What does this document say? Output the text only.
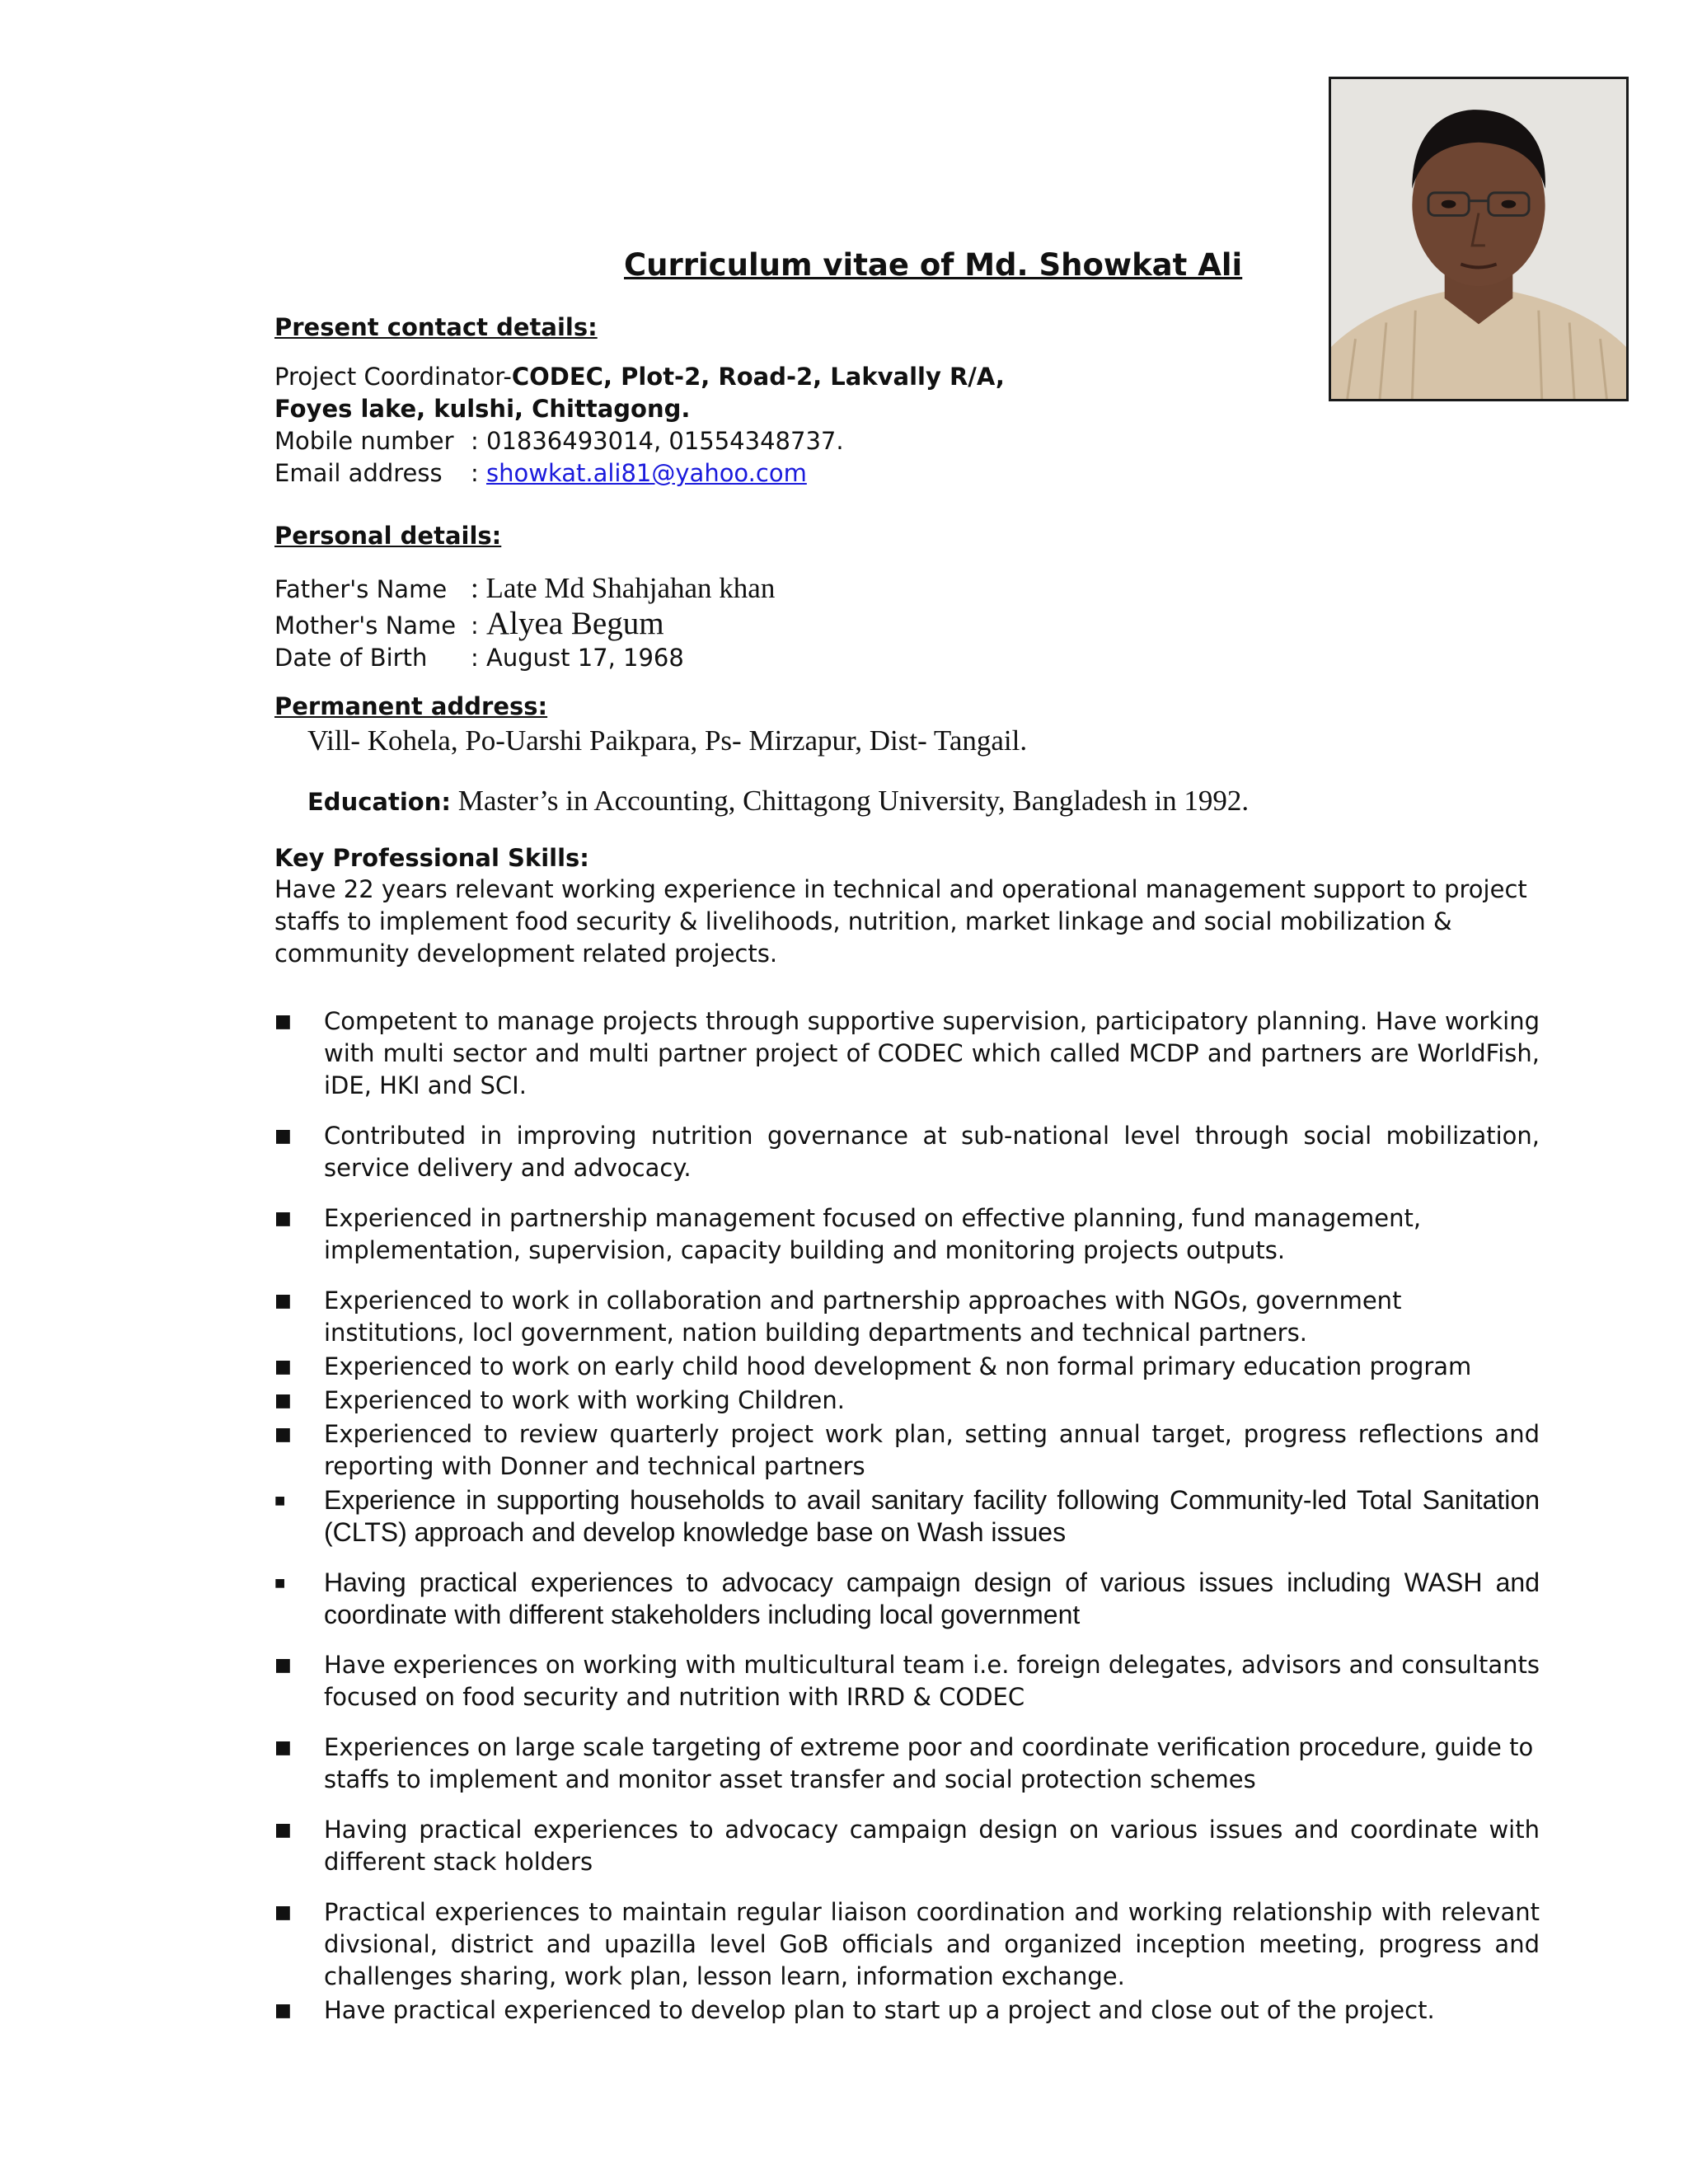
Curriculum vitae of Md. Showkat Ali
Present contact details:
Project Coordinator-CODEC, Plot-2, Road-2, Lakvally R/A,
Foyes lake, kulshi, Chittagong.
Mobile number : 01836493014, 01554348737.
Email address : showkat.ali81@yahoo.com
Personal details:
Father's Name : Late Md Shahjahan khan
Mother's Name : Alyea Begum
Date of Birth : August 17, 1968
Permanent address:
Vill- Kohela, Po-Uarshi Paikpara, Ps- Mirzapur, Dist- Tangail.
Education: Master’s in Accounting, Chittagong University, Bangladesh in 1992.
Key Professional Skills:
Have 22 years relevant working experience in technical and operational management support to project staffs to implement food security & livelihoods, nutrition, market linkage and social mobilization & community development related projects.
■ Competent to manage projects through supportive supervision, participatory planning. Have working with multi sector and multi partner project of CODEC which called MCDP and partners are WorldFish, iDE, HKI and SCI.
■ Contributed in improving nutrition governance at sub-national level through social mobilization, service delivery and advocacy.
■ Experienced in partnership management focused on effective planning, fund management, implementation, supervision, capacity building and monitoring projects outputs.
■ Experienced to work in collaboration and partnership approaches with NGOs, government institutions, locl government, nation building departments and technical partners.
■ Experienced to work on early child hood development & non formal primary education program
■ Experienced to work with working Children.
■ Experienced to review quarterly project work plan, setting annual target, progress reflections and reporting with Donner and technical partners
■ Experience in supporting households to avail sanitary facility following Community-led Total Sanitation (CLTS) approach and develop knowledge base on Wash issues
■ Having practical experiences to advocacy campaign design of various issues including WASH and coordinate with different stakeholders including local government
■ Have experiences on working with multicultural team i.e. foreign delegates, advisors and consultants focused on food security and nutrition with IRRD & CODEC
■ Experiences on large scale targeting of extreme poor and coordinate verification procedure, guide to staffs to implement and monitor asset transfer and social protection schemes
■ Having practical experiences to advocacy campaign design on various issues and coordinate with different stack holders
■ Practical experiences to maintain regular liaison coordination and working relationship with relevant divsional, district and upazilla level GoB officials and organized inception meeting, progress and challenges sharing, work plan, lesson learn, information exchange.
■ Have practical experienced to develop plan to start up a project and close out of the project.
